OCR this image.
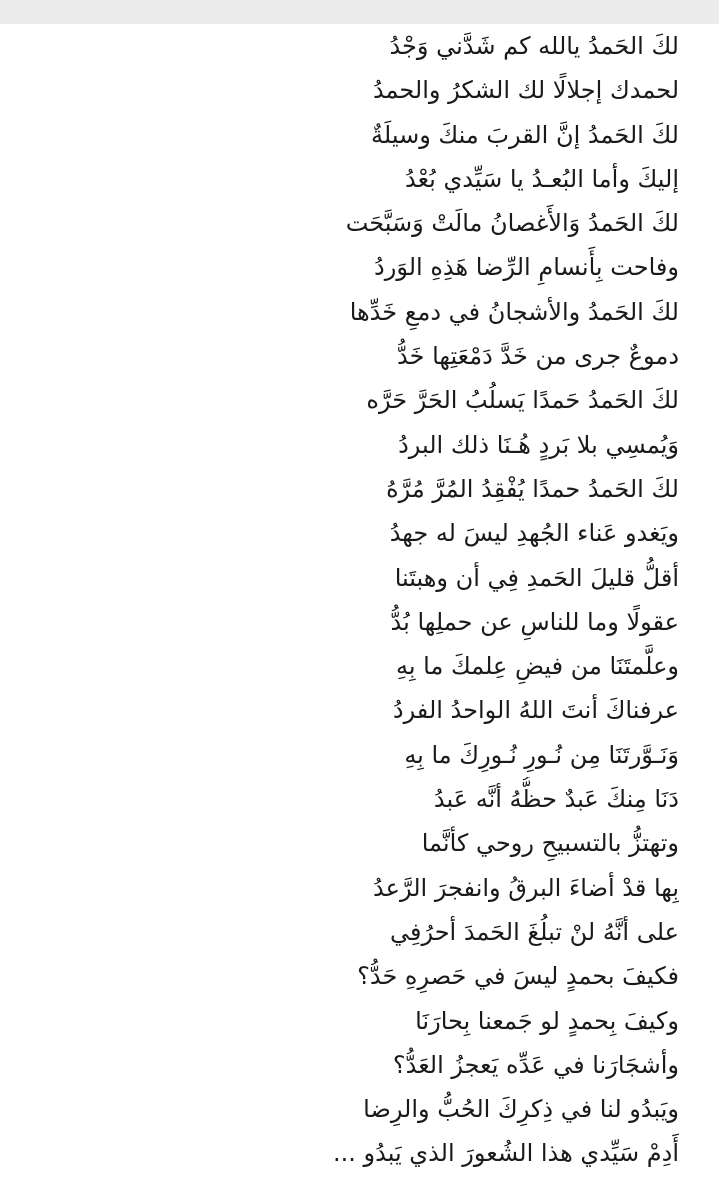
لكَ الحَمدُ يالله كم شَدَّني وَجْدُ
لحمدك إجلالًا لك الشكرُ والحمدُ
لكَ الحَمدُ إنَّ القربَ منكَ وسيلَةٌ
إليكَ وأما البُعـدُ يا سَيِّدي بُعْدُ
لكَ الحَمدُ وَالأَغصانُ مالَتْ وَسَبَّحَت
وفاحت بِأَنسامِ الرِّضا هَذِهِ الوَردُ
لكَ الحَمدُ والأشجانُ في دمعِ خَدِّها
دموعٌ جرى من خَدَّ دَمْعَتِها خَدُّ
لكَ الحَمدُ حَمدًا يَسلُبُ الحَرَّ حَرَّه
وَيُمسِي بلا بَردٍ هُـنَا ذلك البردُ
لكَ الحَمدُ حمدًا يُفْقِدُ المُرَّ مُرَّهُ
ويَغدو عَناء الجُهدِ ليسَ له جهدُ
أقلُّ قليلَ الحَمدِ فِي أن وهبتَنا
عقولًا وما للناسِ عن حملِها بُدُّ
وعلَّمتَنَا من فيضِ عِلمكَ ما بِهِ
عرفناكَ أنتَ اللهُ الواحدُ الفردُ
وَنَـوَّرتَنَا مِن نُـورِ نُـورِكَ ما بِهِ
دَنَا مِنكَ عَبدٌ حظُّهُ أنَّه عَبدُ
وتهتزُّ بالتسبيحِ روحي كأنَّما
بِها قدْ أضاءَ البرقُ وانفجرَ الرَّعدُ
على أنَّهُ لنْ تبلُغَ الحَمدَ أحرُفِي
فكيفَ بحمدٍ ليسَ في حَصرِهِ حَدُّ؟
وكيفَ بِحمدٍ لو جَمعنا بِحارَنَا
وأشجَارَنا في عَدِّه يَعجزُ العَدُّ؟
ويَبدُو لنا في ذِكرِكَ الحُبُّ والرِضا
أَدِمْ سَيِّدي هذا الشُعورَ الذي يَبدُو ...
